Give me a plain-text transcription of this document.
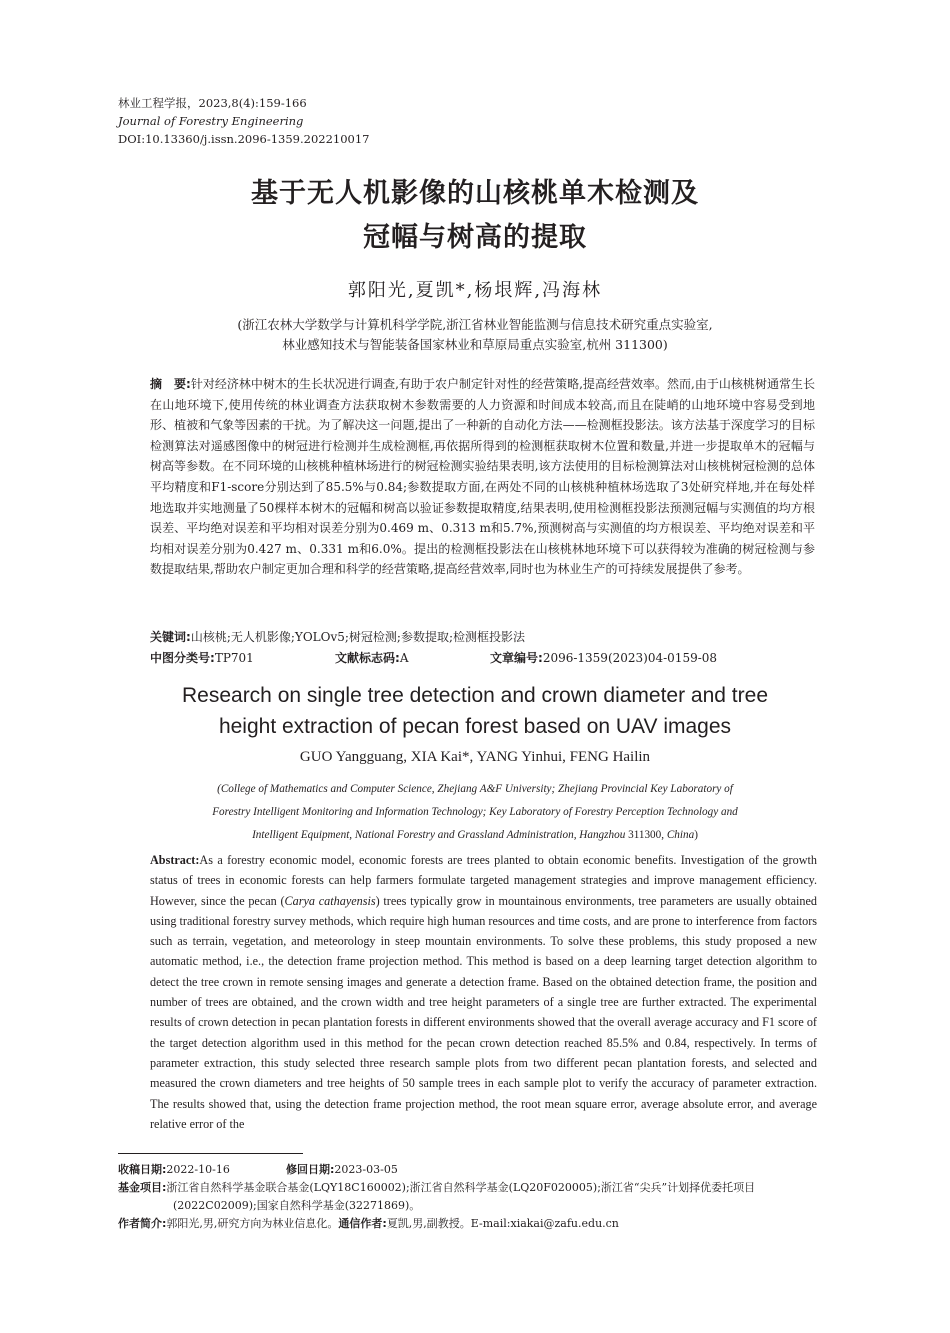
林业工程学报，2023,8(4):159-166
Journal of Forestry Engineering
DOI:10.13360/j.issn.2096-1359.202210017
基于无人机影像的山核桃单木检测及
冠幅与树高的提取
郭阳光,夏凯*,杨垠辉,冯海林
(浙江农林大学数学与计算机科学学院,浙江省林业智能监测与信息技术研究重点实验室,
林业感知技术与智能装备国家林业和草原局重点实验室,杭州 311300)
摘　要:针对经济林中树木的生长状况进行调查,有助于农户制定针对性的经营策略,提高经营效率。然而,由于山核桃树通常生长在山地环境下,使用传统的林业调查方法获取树木参数需要的人力资源和时间成本较高,而且在陡峭的山地环境中容易受到地形、植被和气象等因素的干扰。为了解决这一问题,提出了一种新的自动化方法——检测框投影法。该方法基于深度学习的目标检测算法对遥感图像中的树冠进行检测并生成检测框,再依据所得到的检测框获取树木位置和数量,并进一步提取单木的冠幅与树高等参数。在不同环境的山核桃种植林场进行的树冠检测实验结果表明,该方法使用的目标检测算法对山核桃树冠检测的总体平均精度和F1-score分别达到了85.5%与0.84;参数提取方面,在两处不同的山核桃种植林场选取了3处研究样地,并在每处样地选取并实地测量了50棵样本树木的冠幅和树高以验证参数提取精度,结果表明,使用检测框投影法预测冠幅与实测值的均方根误差、平均绝对误差和平均相对误差分别为0.469 m、0.313 m和5.7%,预测树高与实测值的均方根误差、平均绝对误差和平均相对误差分别为0.427 m、0.331 m和6.0%。提出的检测框投影法在山核桃林地环境下可以获得较为准确的树冠检测与参数提取结果,帮助农户制定更加合理和科学的经营策略,提高经营效率,同时也为林业生产的可持续发展提供了参考。
关键词:山核桃;无人机影像;YOLOv5;树冠检测;参数提取;检测框投影法
中图分类号:TP701	文献标志码:A	文章编号:2096-1359(2023)04-0159-08
Research on single tree detection and crown diameter and tree
height extraction of pecan forest based on UAV images
GUO Yangguang, XIA Kai*, YANG Yinhui, FENG Hailin
(College of Mathematics and Computer Science, Zhejiang A&F University; Zhejiang Provincial Key Laboratory of
Forestry Intelligent Monitoring and Information Technology; Key Laboratory of Forestry Perception Technology and
Intelligent Equipment, National Forestry and Grassland Administration, Hangzhou 311300, China)
Abstract:As a forestry economic model, economic forests are trees planted to obtain economic benefits. Investigation of the growth status of trees in economic forests can help farmers formulate targeted management strategies and improve management efficiency. However, since the pecan (Carya cathayensis) trees typically grow in mountainous environments, tree parameters are usually obtained using traditional forestry survey methods, which require high human resources and time costs, and are prone to interference from factors such as terrain, vegetation, and meteorology in steep mountain environments. To solve these problems, this study proposed a new automatic method, i.e., the detection frame projection method. This method is based on a deep learning target detection algorithm to detect the tree crown in remote sensing images and generate a detection frame. Based on the obtained detection frame, the position and number of trees are obtained, and the crown width and tree height parameters of a single tree are further extracted. The experimental results of crown detection in pecan plantation forests in different environments showed that the overall average accuracy and F1 score of the target detection algorithm used in this method for the pecan crown detection reached 85.5% and 0.84, respectively. In terms of parameter extraction, this study selected three research sample plots from two different pecan plantation forests, and selected and measured the crown diameters and tree heights of 50 sample trees in each sample plot to verify the accuracy of parameter extraction. The results showed that, using the detection frame projection method, the root mean square error, average absolute error, and average relative error of the
收稿日期:2022-10-16	修回日期:2023-03-05
基金项目:浙江省自然科学基金联合基金(LQY18C160002);浙江省自然科学基金(LQ20F020005);浙江省“尖兵”计划择优委托项目
(2022C02009);国家自然科学基金(32271869)。
作者简介:郭阳光,男,研究方向为林业信息化。通信作者:夏凯,男,副教授。E-mail:xiakai@zafu.edu.cn
